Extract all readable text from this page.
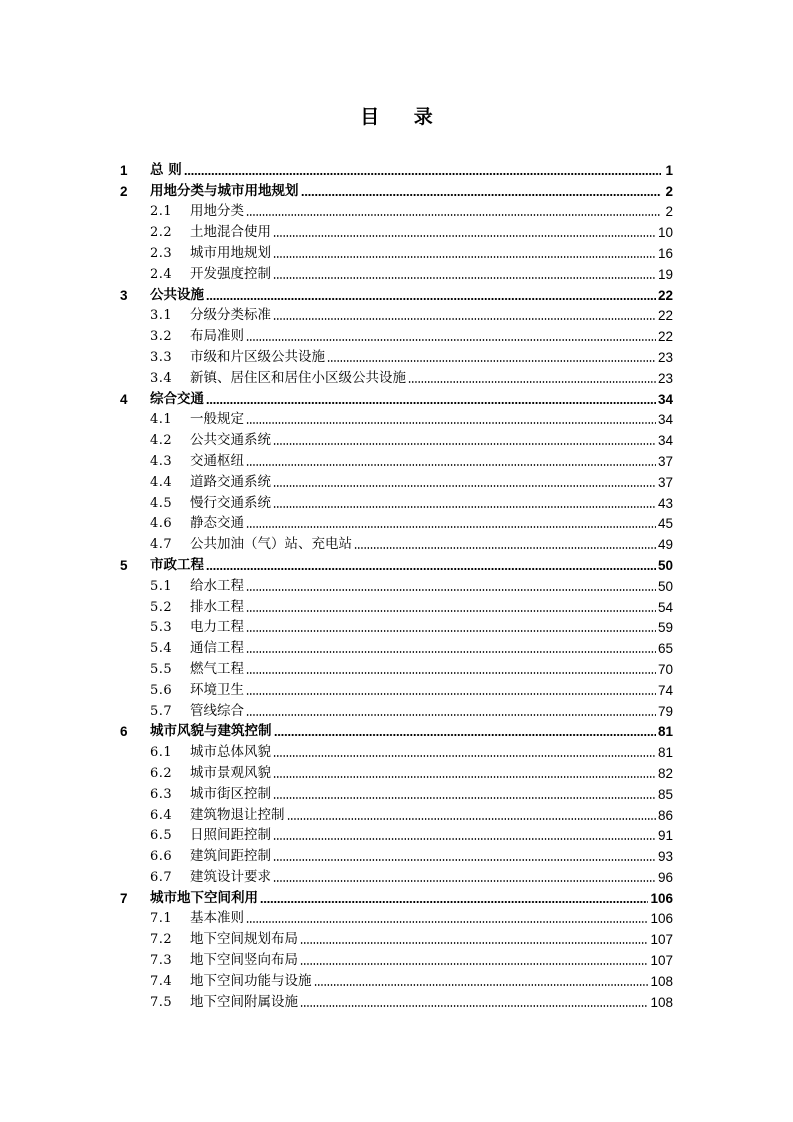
目 录
1	总 则	1
2	用地分类与城市用地规划	2
2.1	用地分类	2
2.2	土地混合使用	10
2.3	城市用地规划	16
2.4	开发强度控制	19
3	公共设施	22
3.1	分级分类标准	22
3.2	布局准则	22
3.3	市级和片区级公共设施	23
3.4	新镇、居住区和居住小区级公共设施	23
4	综合交通	34
4.1	一般规定	34
4.2	公共交通系统	34
4.3	交通枢纽	37
4.4	道路交通系统	37
4.5	慢行交通系统	43
4.6	静态交通	45
4.7	公共加油（气）站、充电站	49
5	市政工程	50
5.1	给水工程	50
5.2	排水工程	54
5.3	电力工程	59
5.4	通信工程	65
5.5	燃气工程	70
5.6	环境卫生	74
5.7	管线综合	79
6	城市风貌与建筑控制	81
6.1	城市总体风貌	81
6.2	城市景观风貌	82
6.3	城市街区控制	85
6.4	建筑物退让控制	86
6.5	日照间距控制	91
6.6	建筑间距控制	93
6.7	建筑设计要求	96
7	城市地下空间利用	106
7.1	基本准则	106
7.2	地下空间规划布局	107
7.3	地下空间竖向布局	107
7.4	地下空间功能与设施	108
7.5	地下空间附属设施	108
